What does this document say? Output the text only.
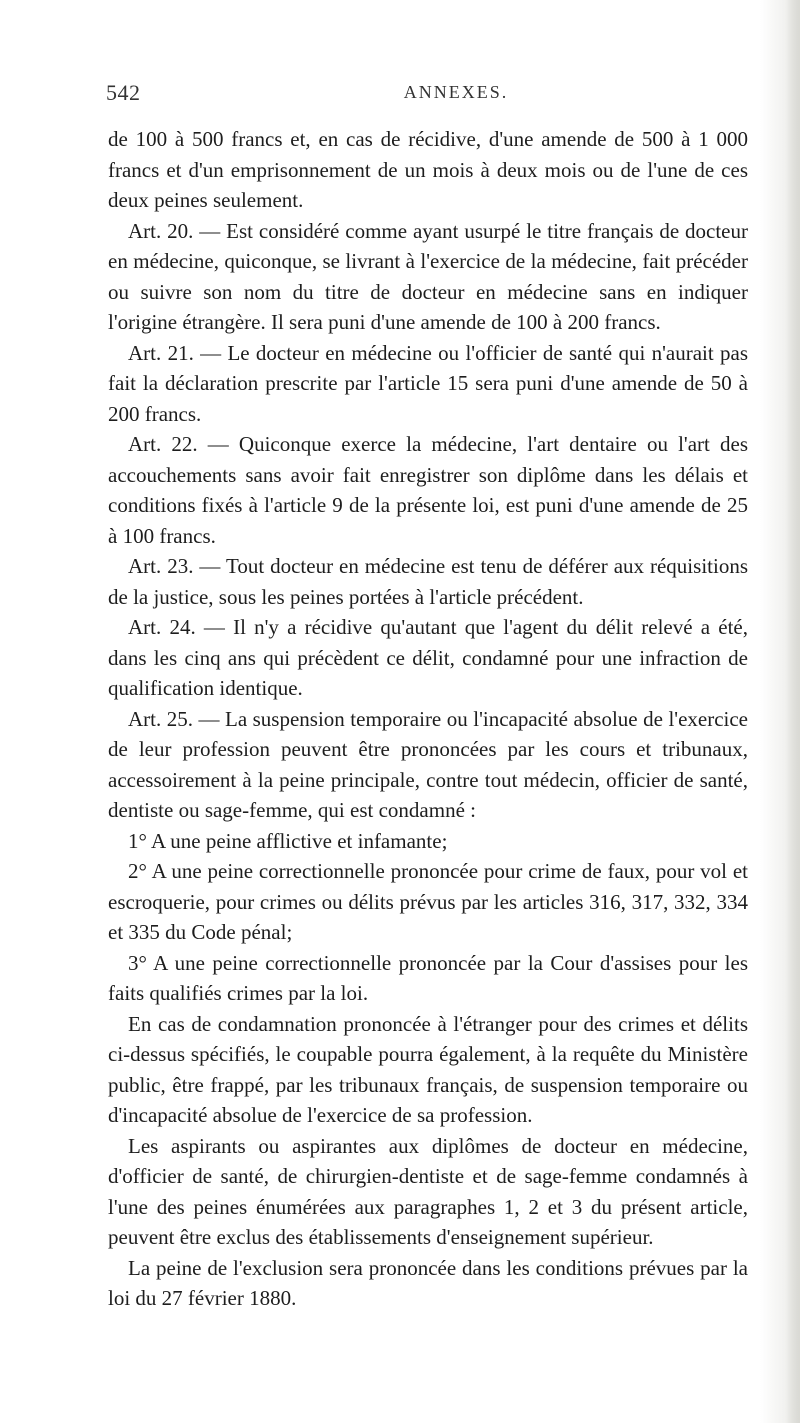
542	ANNEXES.

de 100 à 500 francs et, en cas de récidive, d'une amende de 500 à 1 000 francs et d'un emprisonnement de un mois à deux mois ou de l'une de ces deux peines seulement.

Art. 20. — Est considéré comme ayant usurpé le titre français de docteur en médecine, quiconque, se livrant à l'exercice de la médecine, fait précéder ou suivre son nom du titre de docteur en médecine sans en indiquer l'origine étrangère. Il sera puni d'une amende de 100 à 200 francs.

Art. 21. — Le docteur en médecine ou l'officier de santé qui n'aurait pas fait la déclaration prescrite par l'article 15 sera puni d'une amende de 50 à 200 francs.

Art. 22. — Quiconque exerce la médecine, l'art dentaire ou l'art des accouchements sans avoir fait enregistrer son diplôme dans les délais et conditions fixés à l'article 9 de la présente loi, est puni d'une amende de 25 à 100 francs.

Art. 23. — Tout docteur en médecine est tenu de déférer aux réquisitions de la justice, sous les peines portées à l'article précédent.

Art. 24. — Il n'y a récidive qu'autant que l'agent du délit relevé a été, dans les cinq ans qui précèdent ce délit, condamné pour une infraction de qualification identique.

Art. 25. — La suspension temporaire ou l'incapacité absolue de l'exercice de leur profession peuvent être prononcées par les cours et tribunaux, accessoirement à la peine principale, contre tout médecin, officier de santé, dentiste ou sage-femme, qui est condamné :

1° A une peine afflictive et infamante;

2° A une peine correctionnelle prononcée pour crime de faux, pour vol et escroquerie, pour crimes ou délits prévus par les articles 316, 317, 332, 334 et 335 du Code pénal;

3° A une peine correctionnelle prononcée par la Cour d'assises pour les faits qualifiés crimes par la loi.

En cas de condamnation prononcée à l'étranger pour des crimes et délits ci-dessus spécifiés, le coupable pourra également, à la requête du Ministère public, être frappé, par les tribunaux français, de suspension temporaire ou d'incapacité absolue de l'exercice de sa profession.

Les aspirants ou aspirantes aux diplômes de docteur en médecine, d'officier de santé, de chirurgien-dentiste et de sage-femme condamnés à l'une des peines énumérées aux paragraphes 1, 2 et 3 du présent article, peuvent être exclus des établissements d'enseignement supérieur.

La peine de l'exclusion sera prononcée dans les conditions prévues par la loi du 27 février 1880.
